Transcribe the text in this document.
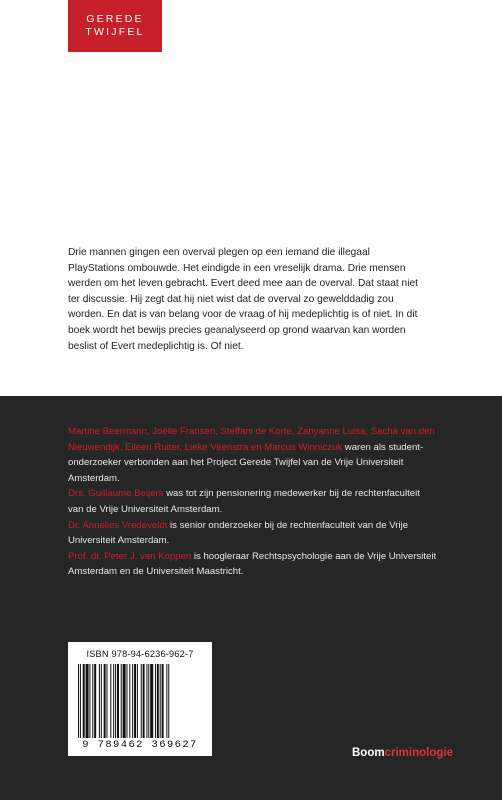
GEREDE
TWIJFEL

Drie mannen gingen een overval plegen op een iemand die illegaal PlayStations ombouwde. Het eindigde in een vreselijk drama. Drie mensen werden om het leven gebracht. Evert deed mee aan de overval. Dat staat niet ter discussie. Hij zegt dat hij niet wist dat de overval zo gewelddadig zou worden. En dat is van belang voor de vraag of hij medeplichtig is of niet. In dit boek wordt het bewijs precies geanalyseerd op grond waarvan kan worden beslist of Evert medeplichtig is. Of niet.

Martine Beermann, Joëlle Fransen, Steffani de Korte, Zahyanne Luisa, Sacha van den Nieuwendijk, Eileen Ruiter, Lieke Veenstra en Marcus Winniczuk waren als student-onderzoeker verbonden aan het Project Gerede Twijfel van de Vrije Universiteit Amsterdam.

Drs. Guillaume Beijers was tot zijn pensionering medewerker bij de rechtenfaculteit van de Vrije Universiteit Amsterdam.

Dr. Annelies Vredeveldt is senior onderzoeker bij de rechtenfaculteit van de Vrije Universiteit Amsterdam.

Prof. dr. Peter J. van Koppen is hoogleraar Rechtspsychologie aan de Vrije Universiteit Amsterdam en de Universiteit Maastricht.

ISBN 978-94-6236-962-7
9 789462 369627
Boomcriminologie
